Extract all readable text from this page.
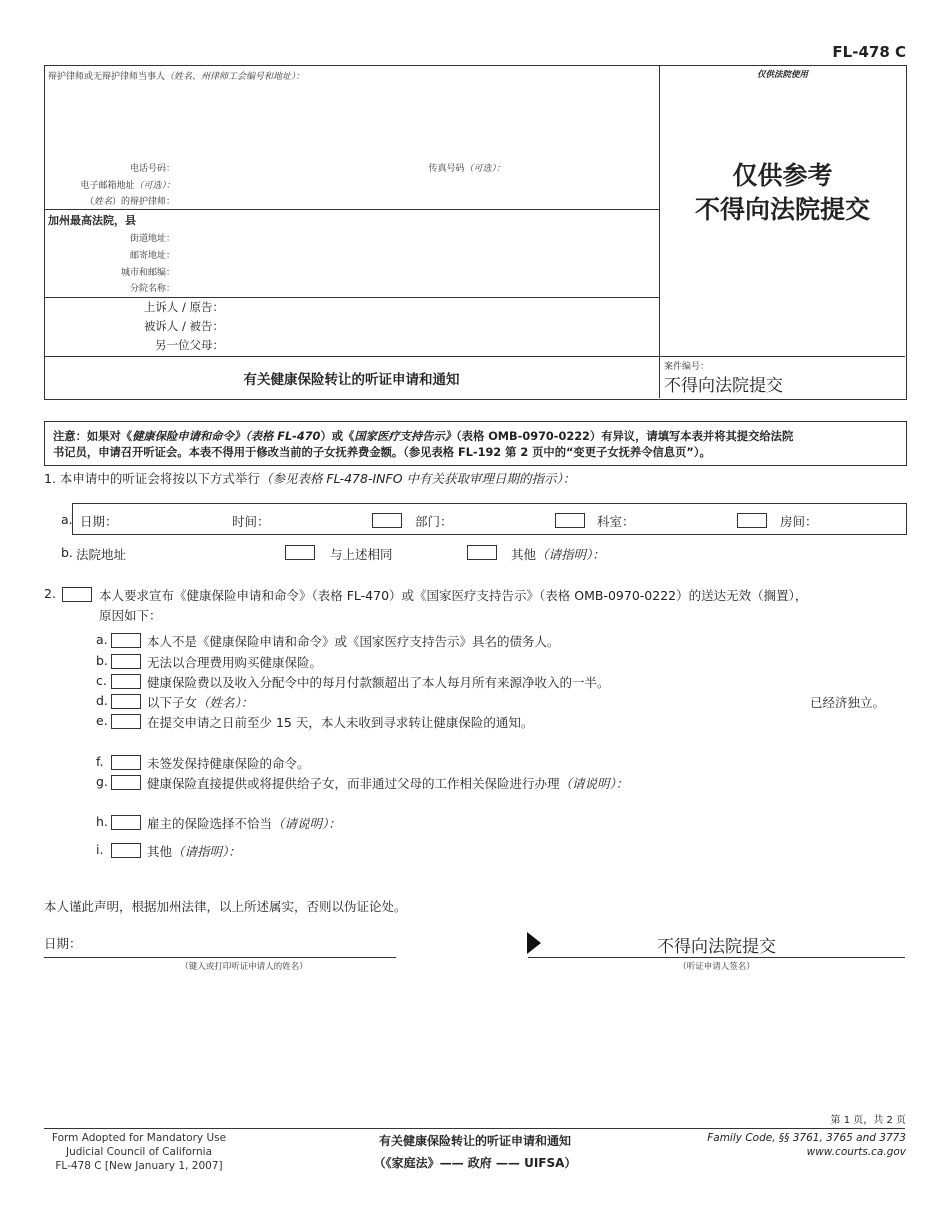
FL-478 C
辩护律师或无辩护律师当事人（姓名、州律师工会编号和地址）：
电话号码：	传真号码（可选）：
电子邮箱地址（可选）：
（姓名）的辩护律师：
加州最高法院，县
街道地址：
邮寄地址：
城市和邮编：
分院名称：
上诉人 / 原告：
被诉人 / 被告：
另一位父母：
仅供法院使用
仅供参考
不得向法院提交
有关健康保险转让的听证申请和通知
案件编号：
不得向法院提交
注意：如果对《健康保险申请和命令》（表格 FL-470）或《国家医疗支持告示》（表格 OMB-0970-0222）有异议，请填写本表并将其提交给法院
书记员，申请召开听证会。本表不得用于修改当前的子女抚养费金额。（参见表格 FL-192 第 2 页中的“变更子女抚养令信息页”）。
1. 本申请中的听证会将按以下方式举行（参见表格 FL-478-INFO 中有关获取审理日期的指示）：
a. 日期：	时间：	部门：	科室：	房间：
b. 法院地址	与上述相同	其他（请指明）：
2.	本人要求宣布《健康保险申请和命令》（表格 FL-470）或《国家医疗支持告示》（表格 OMB-0970-0222）的送达无效（搁置），
原因如下：
a.	本人不是《健康保险申请和命令》或《国家医疗支持告示》具名的债务人。
b.	无法以合理费用购买健康保险。
c.	健康保险费以及收入分配令中的每月付款额超出了本人每月所有来源净收入的一半。
d.	以下子女（姓名）：	已经济独立。
e.	在提交申请之日前至少 15 天，本人未收到寻求转让健康保险的通知。
f.	未签发保持健康保险的命令。
g.	健康保险直接提供或将提供给子女，而非通过父母的工作相关保险进行办理（请说明）：
h.	雇主的保险选择不恰当（请说明）：
i.	其他（请指明）：
本人谨此声明，根据加州法律，以上所述属实，否则以伪证论处。
日期：
（键入或打印听证申请人的姓名）
不得向法院提交
（听证申请人签名）
第 1 页，共 2 页
Form Adopted for Mandatory Use
Judicial Council of California
FL-478 C [New January 1, 2007]
有关健康保险转让的听证申请和通知
（《家庭法》—— 政府 —— UIFSA）
Family Code, §§ 3761, 3765 and 3773
www.courts.ca.gov
